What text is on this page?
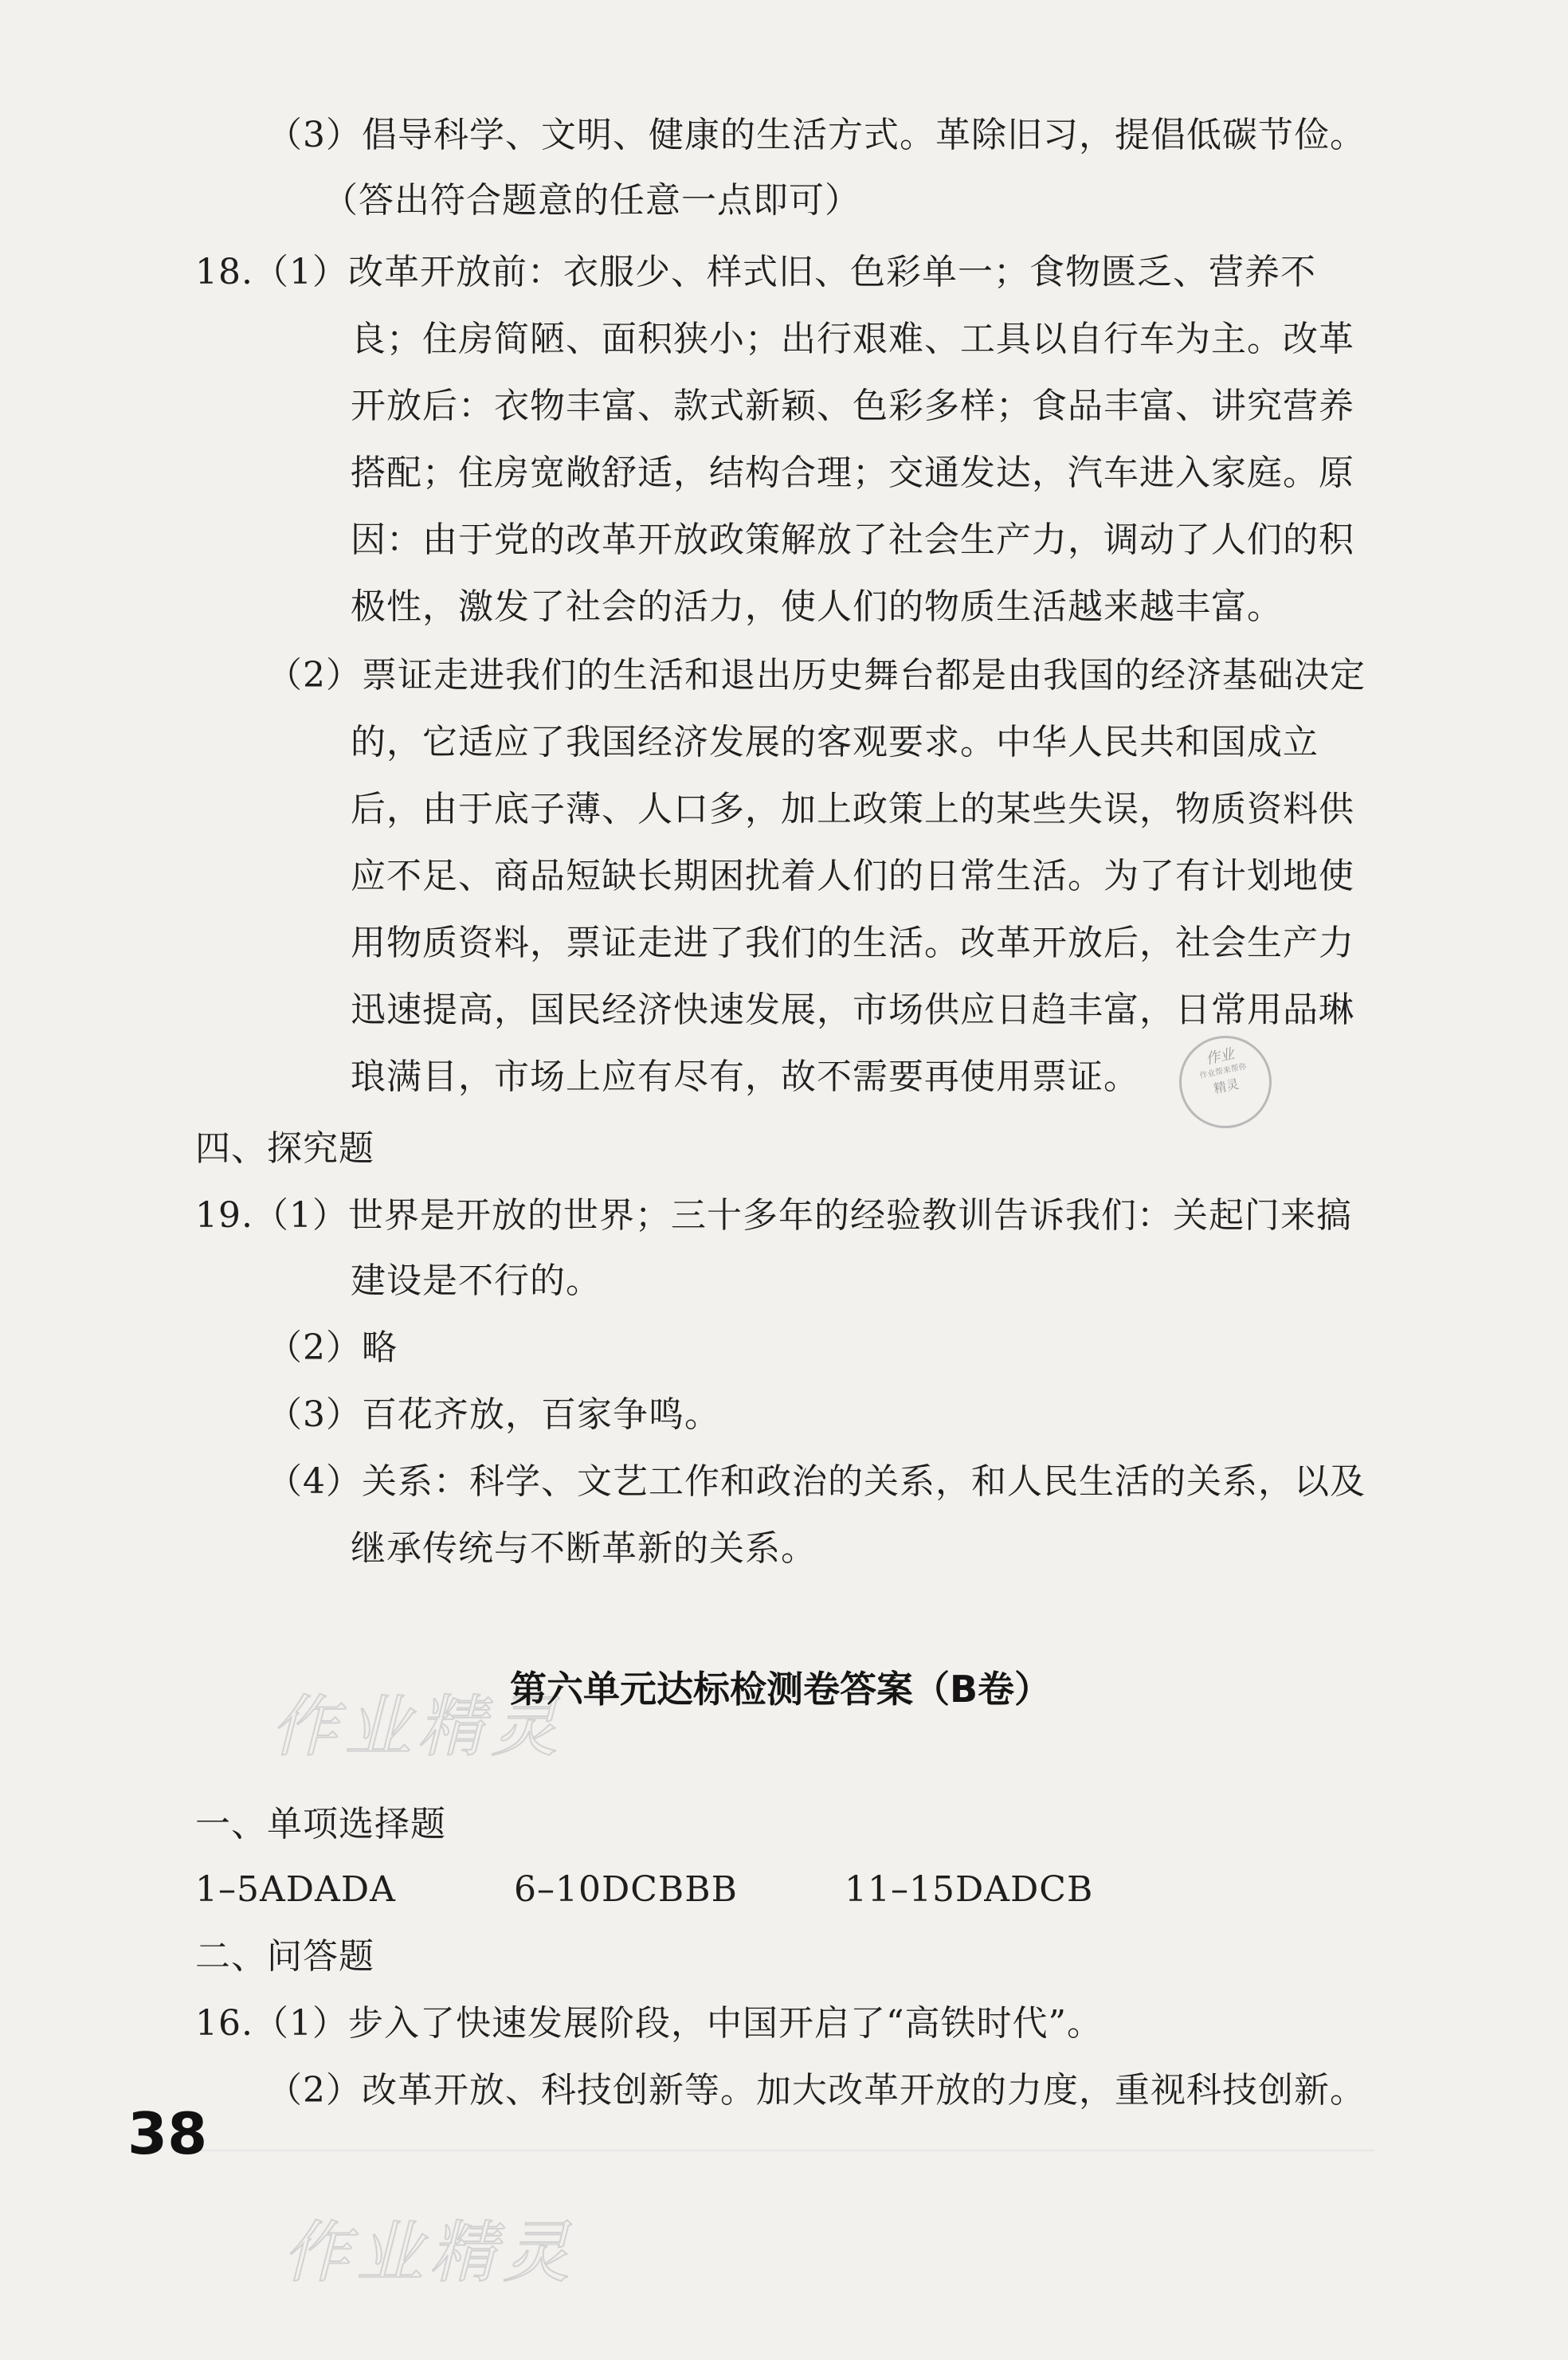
（3）倡导科学、文明、健康的生活方式。革除旧习，提倡低碳节俭。
（答出符合题意的任意一点即可）
18.（1）改革开放前：衣服少、样式旧、色彩单一；食物匮乏、营养不
良；住房简陋、面积狭小；出行艰难、工具以自行车为主。改革
开放后：衣物丰富、款式新颖、色彩多样；食品丰富、讲究营养
搭配；住房宽敞舒适，结构合理；交通发达，汽车进入家庭。原
因：由于党的改革开放政策解放了社会生产力，调动了人们的积
极性，激发了社会的活力，使人们的物质生活越来越丰富。
（2）票证走进我们的生活和退出历史舞台都是由我国的经济基础决定
的，它适应了我国经济发展的客观要求。中华人民共和国成立
后，由于底子薄、人口多，加上政策上的某些失误，物质资料供
应不足、商品短缺长期困扰着人们的日常生活。为了有计划地使
用物质资料，票证走进了我们的生活。改革开放后，社会生产力
迅速提高，国民经济快速发展，市场供应日趋丰富，日常用品琳
琅满目，市场上应有尽有，故不需要再使用票证。	作业
作业帮来帮你
精灵
四、探究题
19.（1）世界是开放的世界；三十多年的经验教训告诉我们：关起门来搞
建设是不行的。
（2）略
（3）百花齐放，百家争鸣。
（4）关系：科学、文艺工作和政治的关系，和人民生活的关系，以及
继承传统与不断革新的关系。
作业精灵
第六单元达标检测卷答案（B卷）
一、单项选择题
1–5ADADA	6–10DCBBB	11–15DADCB
二、问答题
16.（1）步入了快速发展阶段，中国开启了“高铁时代”。
（2）改革开放、科技创新等。加大改革开放的力度，重视科技创新。
38
作业精灵
